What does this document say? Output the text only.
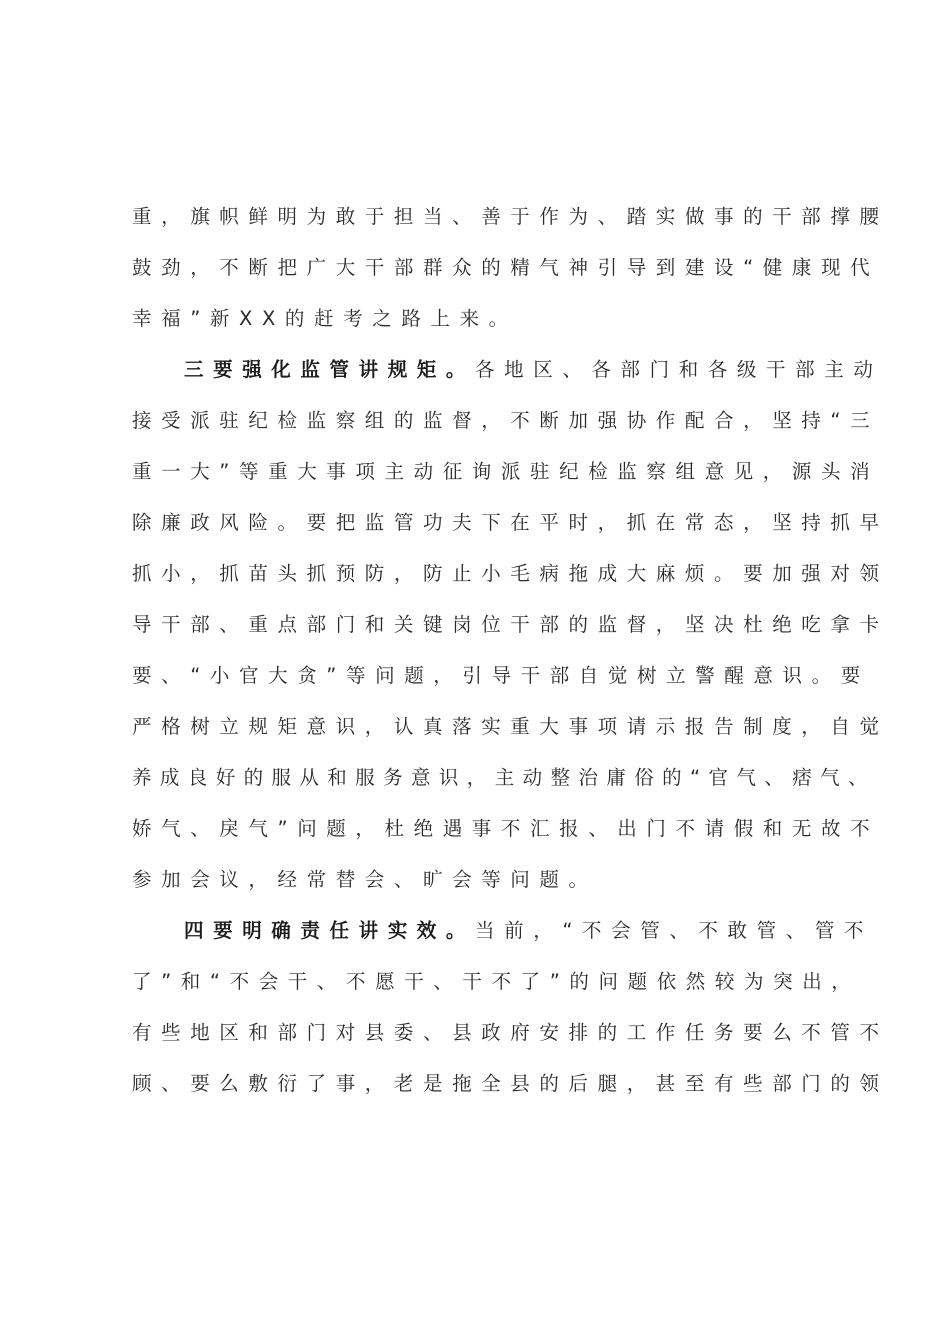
重，旗帜鲜明为敢于担当、善于作为、踏实做事的干部撑腰
鼓劲，不断把广大干部群众的精气神引导到建设“健康现代
幸福”新XX的赶考之路上来。
三要强化监管讲规矩。各地区、各部门和各级干部主动
接受派驻纪检监察组的监督，不断加强协作配合，坚持“三
重一大”等重大事项主动征询派驻纪检监察组意见，源头消
除廉政风险。要把监管功夫下在平时，抓在常态，坚持抓早
抓小，抓苗头抓预防，防止小毛病拖成大麻烦。要加强对领
导干部、重点部门和关键岗位干部的监督，坚决杜绝吃拿卡
要、“小官大贪”等问题，引导干部自觉树立警醒意识。要
严格树立规矩意识，认真落实重大事项请示报告制度，自觉
养成良好的服从和服务意识，主动整治庸俗的“官气、痞气、
娇气、戾气”问题，杜绝遇事不汇报、出门不请假和无故不
参加会议，经常替会、旷会等问题。
四要明确责任讲实效。当前，“不会管、不敢管、管不
了”和“不会干、不愿干、干不了”的问题依然较为突出，
有些地区和部门对县委、县政府安排的工作任务要么不管不
顾、要么敷衍了事，老是拖全县的后腿，甚至有些部门的领
